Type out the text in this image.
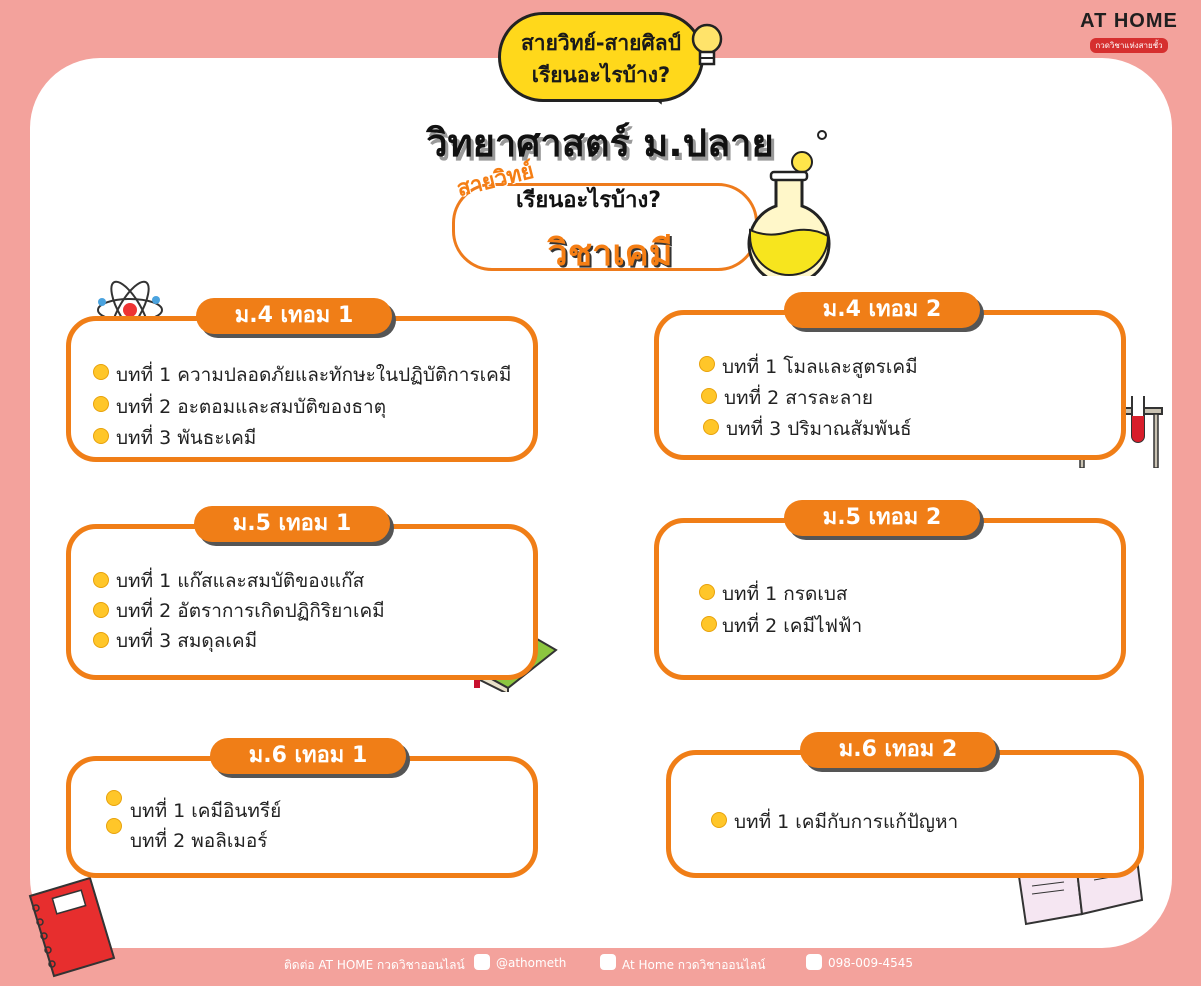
สายวิทย์-สายศิลป์
เรียนอะไรบ้าง?
AT HOME
กวดวิชาแห่งสายชั้ว
วิทยาศาสตร์ ม.ปลาย
สายวิทย์
เรียนอะไรบ้าง?
วิชาเคมี
ม.4 เทอม 1
บทที่ 1 ความปลอดภัยและทักษะในปฏิบัติการเคมี
บทที่ 2 อะตอมและสมบัติของธาตุ
บทที่ 3 พันธะเคมี
ม.4 เทอม 2
บทที่ 1 โมลและสูตรเคมี
บทที่ 2 สารละลาย
บทที่ 3 ปริมาณสัมพันธ์
ม.5 เทอม 1
บทที่ 1 แก๊สและสมบัติของแก๊ส
บทที่ 2 อัตราการเกิดปฏิกิริยาเคมี
บทที่ 3 สมดุลเคมี
ม.5 เทอม 2
บทที่ 1 กรดเบส
บทที่ 2 เคมีไฟฟ้า
ม.6 เทอม 1
บทที่ 1 เคมีอินทรีย์
บทที่ 2 พอลิเมอร์
ม.6 เทอม 2
บทที่ 1 เคมีกับการแก้ปัญหา
ติดต่อ AT HOME กวดวิชาออนไลน์	@athometh	At Home กวดวิชาออนไลน์	098-009-4545
